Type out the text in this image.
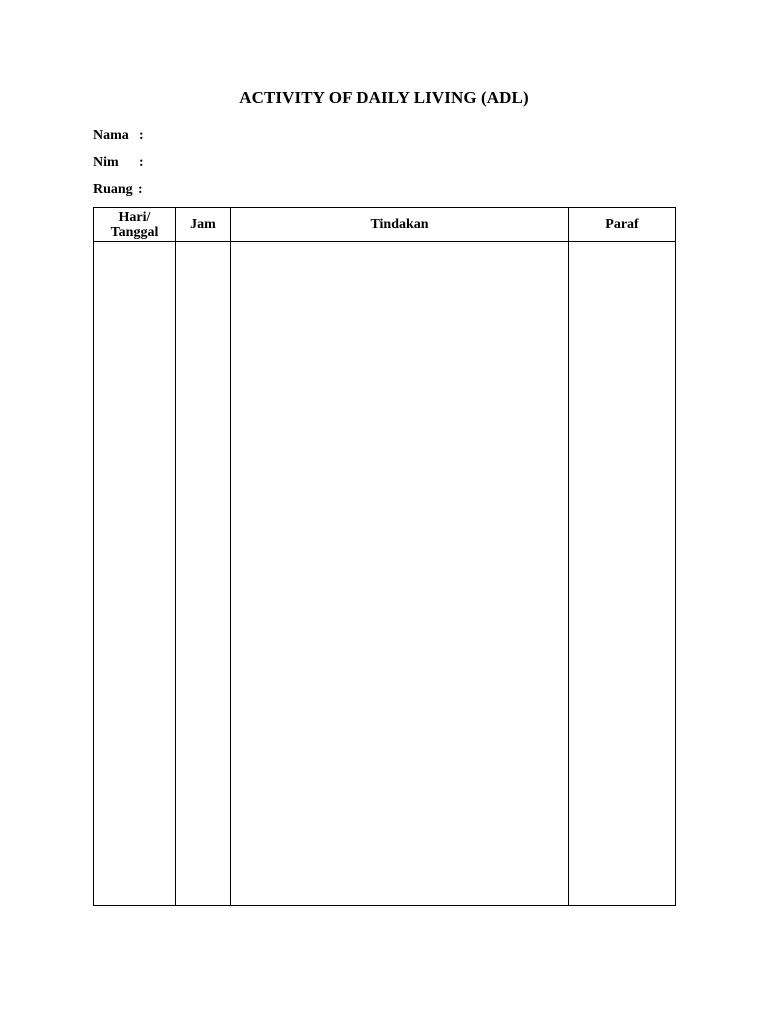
ACTIVITY OF DAILY LIVING (ADL)
Nama :
Nim :
Ruang :
Hari/
Tanggal	Jam	Tindakan	Paraf
